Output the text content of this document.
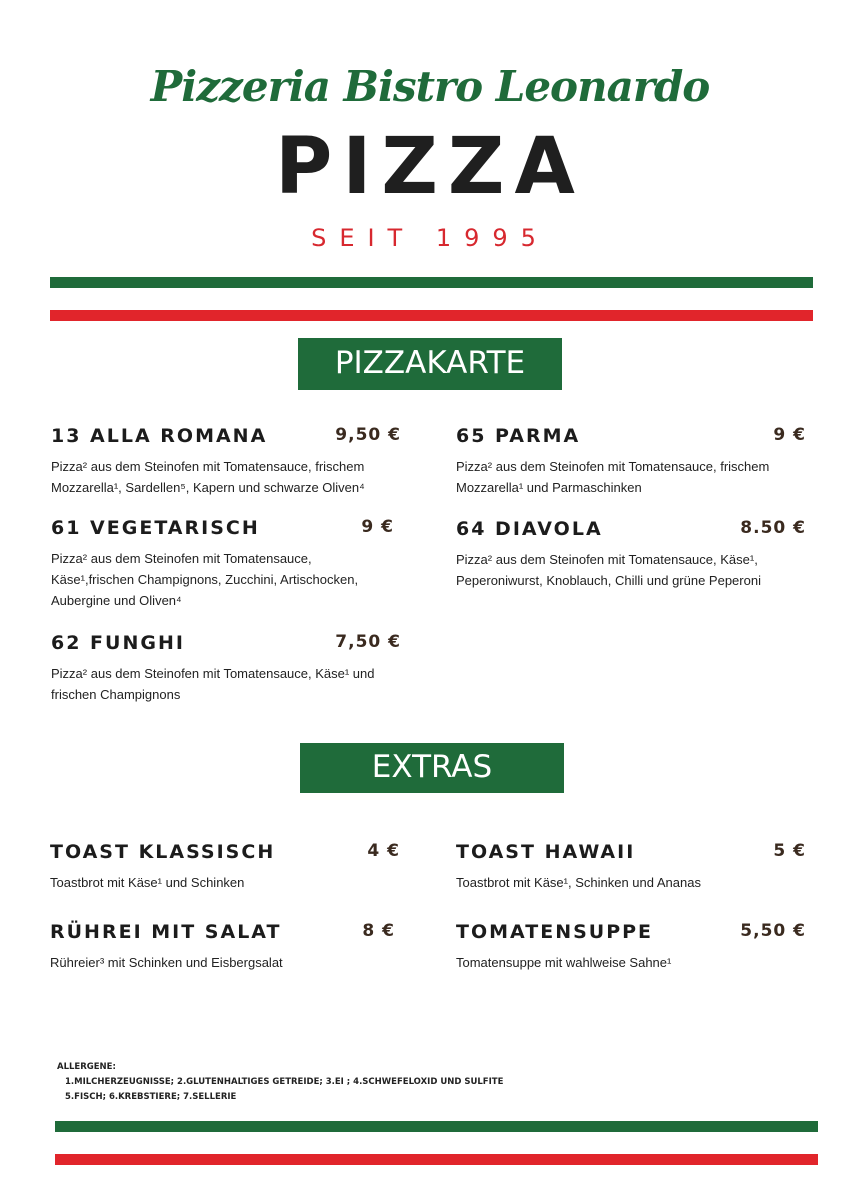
Pizzeria Bistro Leonardo
PIZZA
SEIT 1995
PIZZAKARTE
13 ALLA ROMANA	9,50 €
Pizza² aus dem Steinofen mit Tomatensauce, frischem Mozzarella¹, Sardellen⁵, Kapern und schwarze Oliven⁴
61 VEGETARISCH	9 €
Pizza² aus dem Steinofen mit Tomatensauce, Käse¹,frischen Champignons, Zucchini, Artischocken, Aubergine und Oliven⁴
62 FUNGHI	7,50 €
Pizza² aus dem Steinofen mit Tomatensauce, Käse¹ und frischen Champignons
65 PARMA	9 €
Pizza² aus dem Steinofen mit Tomatensauce, frischem Mozzarella¹ und Parmaschinken
64 DIAVOLA	8.50 €
Pizza² aus dem Steinofen mit Tomatensauce, Käse¹, Peperoniwurst, Knoblauch, Chilli und grüne Peperoni
EXTRAS
TOAST KLASSISCH	4 €
Toastbrot mit Käse¹ und Schinken
RÜHREI MIT SALAT	8 €
Rühreier³ mit Schinken und Eisbergsalat
TOAST HAWAII	5 €
Toastbrot mit Käse¹, Schinken und Ananas
TOMATENSUPPE	5,50 €
Tomatensuppe mit wahlweise Sahne¹
ALLERGENE:
1.MILCHERZEUGNISSE; 2.GLUTENHALTIGES GETREIDE; 3.EI ; 4.SCHWEFELOXID UND SULFITE
5.FISCH; 6.KREBSTIERE; 7.SELLERIE
